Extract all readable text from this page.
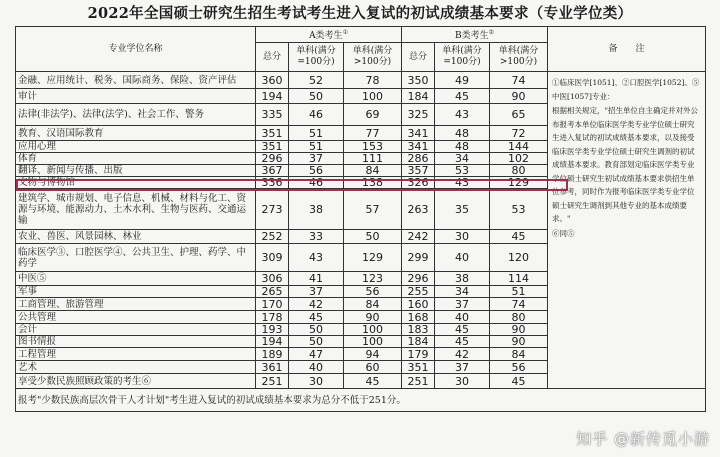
2022年全国硕士研究生招生考试考生进入复试的初试成绩基本要求（专业学位类）
专业学位名称	A类考生①			B类考生②			备　　注
	总分	单科(满分=100分)	单科(满分>100分)	总分	单科(满分=100分)	单科(满分>100分)	
金融、应用统计、税务、国际商务、保险、资产评估	360	52	78	350	49	74	①临床医学[1051]、②口腔医学[1052]、⑤中医[1057]专业：

根据相关规定，"招生单位自主确定并对外公布报考本单位临床医学类专业学位硕士研究生进入复试的初试成绩基本要求，以及接受临床医学类专业学位硕士研究生调剂的初试成绩基本要求。教育部划定临床医学类专业学位硕士研究生初试成绩基本要求供招生单位参考，同时作为报考临床医学类专业学位硕士研究生调剂到其他专业的基本成绩要求。"

⑥同⑤

审计	194	50	100	184	45	90	
法律(非法学)、法律(法学)、社会工作、警务	335	46	69	325	43	65	
教育、汉语国际教育	351	51	77	341	48	72	
应用心理	351	51	153	341	48	144	
体育	296	37	111	286	34	102	
翻译、新闻与传播、出版	367	56	84	357	53	80	
文物与博物馆	336	46	138	326	43	129	
建筑学、城市规划、电子信息、机械、材料与化工、资源与环境、能源动力、土木水利、生物与医药、交通运输	273	38	57	263	35	53	
农业、兽医、风景园林、林业	252	33	50	242	30	45	
临床医学③、口腔医学④、公共卫生、护理、药学、中药学	309	43	129	299	40	120	
中医⑤	306	41	123	296	38	114	
军事	265	37	56	255	34	51	
工商管理、旅游管理	170	42	84	160	37	74	
公共管理	178	45	90	168	40	80	
会计	193	50	100	183	45	90	
图书情报	194	50	100	184	45	90	
工程管理	189	47	94	179	42	84	
艺术	361	40	60	351	37	56	
享受少数民族照顾政策的考生⑥	251	30	45	251	30	45	
报考"少数民族高层次骨干人才计划"考生进入复试的初试成绩基本要求为总分不低于251分。							
知乎 @新传觅小游
